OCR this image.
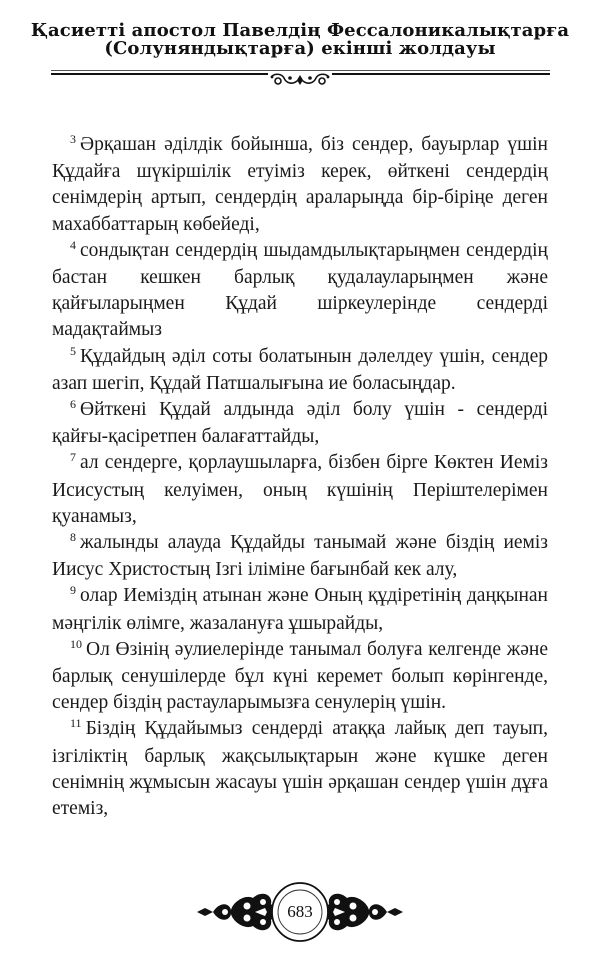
Қасиетті апостол Павелдің Фессалоникалықтарға
(Солуняндықтарға) екінші жолдауы

$^3$ Әрқашан әділдік бойынша, біз сендер, бауырлар үшін Құдайға шүкіршілік етуіміз керек, өйткені сендердің сенімдерің артып, сендердің араларыңда бір-біріңе деген махаббаттарың көбейеді,

$^4$ сондықтан сендердің шыдамдылықтарыңмен сендердің бастан кешкен барлық қудалауларыңмен және қайғыларыңмен Құдай шіркеулерінде сендерді мадақтаймыз

$^5$ Құдайдың әділ соты болатынын дәлелдеу үшін, сендер азап шегіп, Құдай Патшалығына ие боласыңдар.

$^6$ Өйткені Құдай алдында әділ болу үшін - сендерді қайғы-қасіретпен балағаттайды,

$^7$ ал сендерге, қорлаушыларға, бізбен бірге Көктен Иеміз Исисустың келуімен, оның күшінің Періштелерімен қуанамыз,

$^8$ жалынды алауда Құдайды танымай және біздің иеміз Иисус Христостың Ізгі іліміне бағынбай кек алу,

$^9$ олар Иеміздің атынан және Оның құдіретінің даңқынан мәңгілік өлімге, жазалануға ұшырайды,

$^{10}$ Ол Өзінің әулиелерінде танымал болуға келгенде және барлық сенушілерде бұл күні керемет болып көрінгенде, сендер біздің растауларымызға сенулерің үшін.

$^{11}$ Біздің Құдайымыз сендерді атаққа лайық деп тауып, ізгіліктің барлық жақсылықтарын және күшке деген сенімнің жұмысын жасауы үшін әрқашан сендер үшін дұға етеміз,

683
